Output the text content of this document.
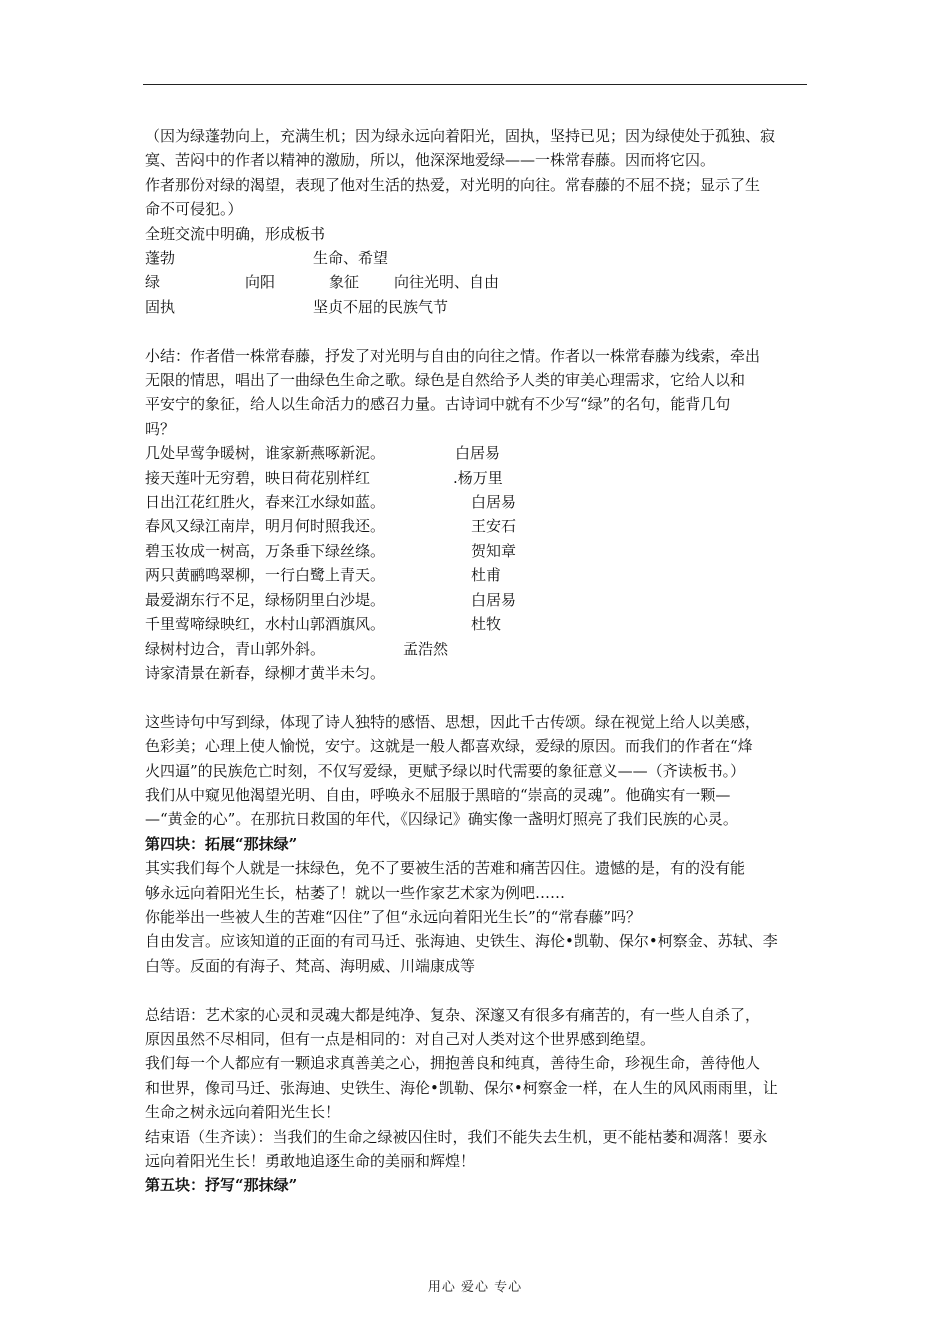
（因为绿蓬勃向上，充满生机；因为绿永远向着阳光，固执，坚持已见；因为绿使处于孤独、寂

寞、苦闷中的作者以精神的激励，所以，他深深地爱绿——一株常春藤。因而将它囚。

作者那份对绿的渴望，表现了他对生活的热爱，对光明的向往。常春藤的不屈不挠；显示了生

命不可侵犯。）

全班交流中明确，形成板书

蓬勃	生命、希望
绿	向阳	象征 向往光明、自由
固执	坚贞不屈的民族气节

小结：作者借一株常春藤，抒发了对光明与自由的向往之情。作者以一株常春藤为线索，牵出

无限的情思，唱出了一曲绿色生命之歌。绿色是自然给予人类的审美心理需求，它给人以和

平安宁的象征，给人以生命活力的感召力量。古诗词中就有不少写“绿”的名句，能背几句

吗？

几处早莺争暖树，谁家新燕啄新泥。	白居易
接天莲叶无穷碧，映日荷花别样红	.杨万里
日出江花红胜火，春来江水绿如蓝。	白居易
春风又绿江南岸，明月何时照我还。	王安石
碧玉妆成一树高，万条垂下绿丝绦。	贺知章
两只黄鹂鸣翠柳，一行白鹭上青天。	杜甫
最爱湖东行不足，绿杨阴里白沙堤。	白居易
千里莺啼绿映红，水村山郭酒旗风。	杜牧
绿树村边合，青山郭外斜。	孟浩然
诗家清景在新春，绿柳才黄半未匀。

这些诗句中写到绿，体现了诗人独特的感悟、思想，因此千古传颂。绿在视觉上给人以美感，

色彩美；心理上使人愉悦，安宁。这就是一般人都喜欢绿，爱绿的原因。而我们的作者在“烽

火四逼”的民族危亡时刻，不仅写爱绿，更赋予绿以时代需要的象征意义——（齐读板书。）

我们从中窥见他渴望光明、自由，呼唤永不屈服于黑暗的“崇高的灵魂”。他确实有一颗—

—“黄金的心”。在那抗日救国的年代，《囚绿记》确实像一盏明灯照亮了我们民族的心灵。

第四块：拓展“那抹绿”

其实我们每个人就是一抹绿色，免不了要被生活的苦难和痛苦囚住。遗憾的是，有的没有能

够永远向着阳光生长，枯萎了！就以一些作家艺术家为例吧……

你能举出一些被人生的苦难“囚住”了但“永远向着阳光生长”的“常春藤”吗？

自由发言。应该知道的正面的有司马迁、张海迪、史铁生、海伦•凯勒、保尔•柯察金、苏轼、李

白等。反面的有海子、梵高、海明威、川端康成等

总结语：艺术家的心灵和灵魂大都是纯净、复杂、深邃又有很多有痛苦的，有一些人自杀了，

原因虽然不尽相同，但有一点是相同的：对自己对人类对这个世界感到绝望。

我们每一个人都应有一颗追求真善美之心，拥抱善良和纯真，善待生命，珍视生命，善待他人

和世界，像司马迁、张海迪、史铁生、海伦•凯勒、保尔•柯察金一样，在人生的风风雨雨里，让

生命之树永远向着阳光生长！

结束语（生齐读）：当我们的生命之绿被囚住时，我们不能失去生机，更不能枯萎和凋落！要永

远向着阳光生长！勇敢地追逐生命的美丽和辉煌！

第五块：抒写“那抹绿”

用心 爱心 专心
